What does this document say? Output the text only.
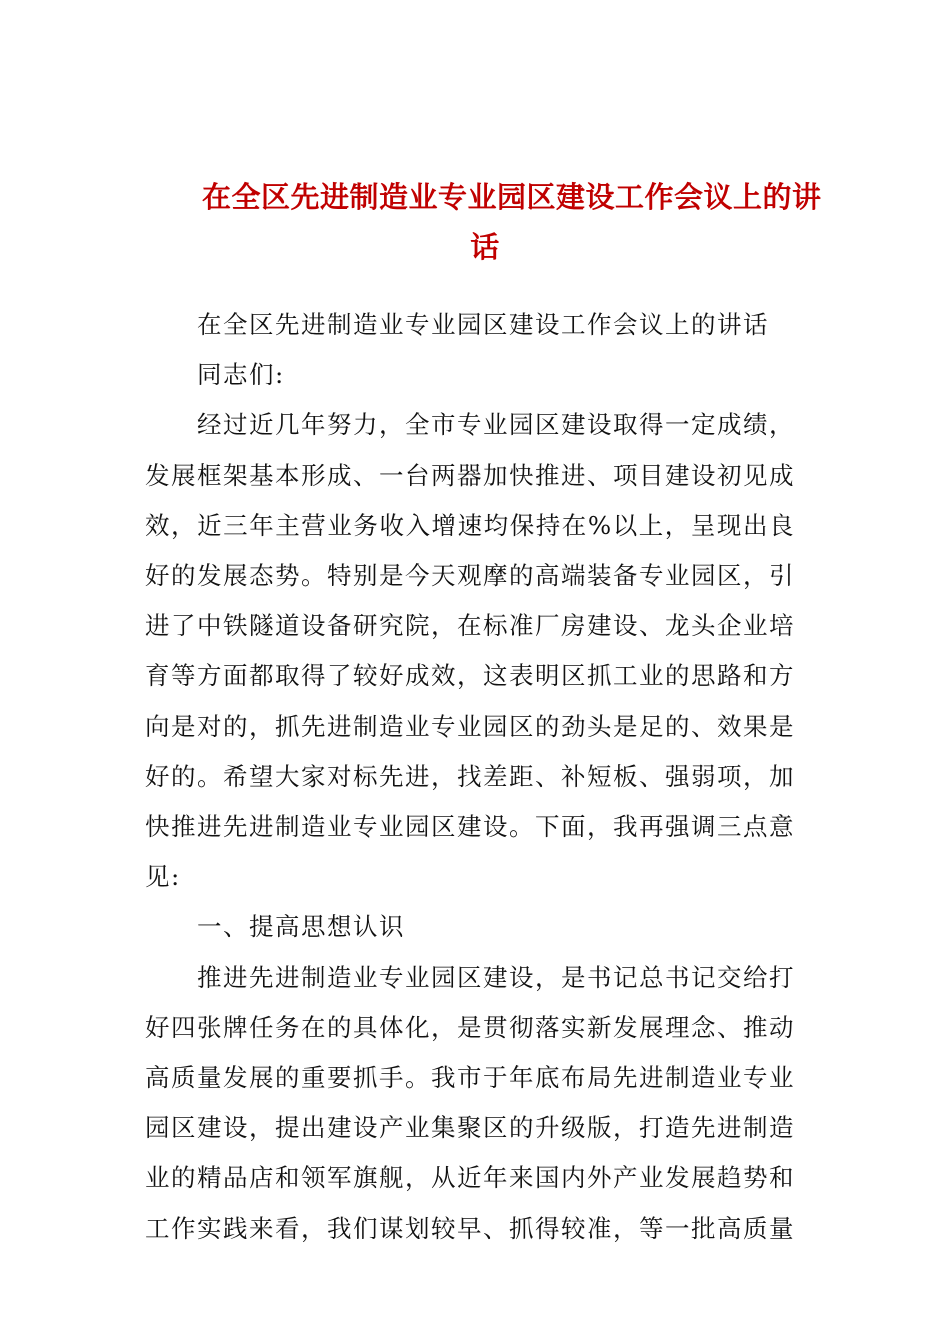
在全区先进制造业专业园区建设工作会议上的讲
话

在全区先进制造业专业园区建设工作会议上的讲话

同志们:

经过近几年努力，全市专业园区建设取得一定成绩，发展框架基本形成、一台两器加快推进、项目建设初见成效，近三年主营业务收入增速均保持在%以上，呈现出良好的发展态势。特别是今天观摩的高端装备专业园区，引进了中铁隧道设备研究院，在标准厂房建设、龙头企业培育等方面都取得了较好成效，这表明区抓工业的思路和方向是对的，抓先进制造业专业园区的劲头是足的、效果是好的。希望大家对标先进，找差距、补短板、强弱项，加快推进先进制造业专业园区建设。下面，我再强调三点意见:

一、提高思想认识

推进先进制造业专业园区建设，是书记总书记交给打好四张牌任务在的具体化，是贯彻落实新发展理念、推动高质量发展的重要抓手。我市于年底布局先进制造业专业园区建设，提出建设产业集聚区的升级版，打造先进制造业的精品店和领军旗舰，从近年来国内外产业发展趋势和工作实践来看，我们谋划较早、抓得较准，等一批高质量
